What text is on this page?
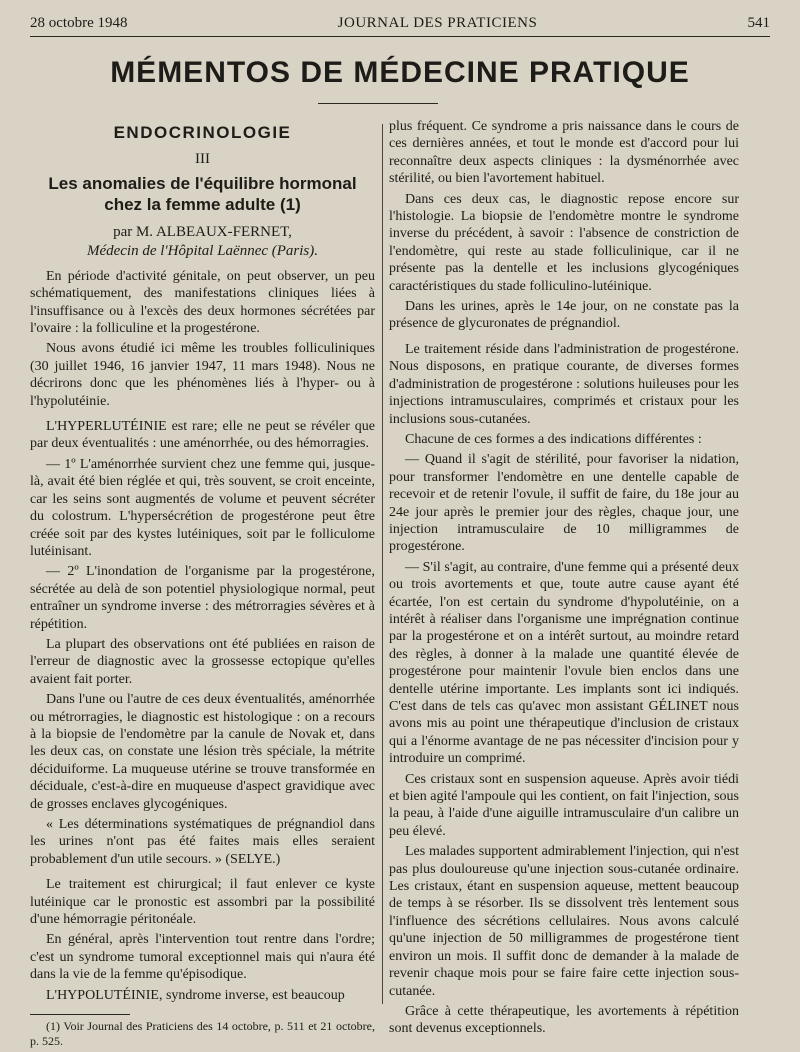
28 octobre 1948	JOURNAL DES PRATICIENS	541
MÉMENTOS DE MÉDECINE PRATIQUE
ENDOCRINOLOGIE
III
Les anomalies de l'équilibre hormonal
chez la femme adulte (1)
par M. ALBEAUX-FERNET,
Médecin de l'Hôpital Laënnec (Paris).

En période d'activité génitale, on peut observer, un peu schématiquement, des manifestations cliniques liées à l'insuffisance ou à l'excès des deux hormones sécrétées par l'ovaire : la folliculine et la progestérone.

Nous avons étudié ici même les troubles folliculiniques (30 juillet 1946, 16 janvier 1947, 11 mars 1948). Nous ne décrirons donc que les phénomènes liés à l'hyper- ou à l'hypolutéinie.

L'HYPERLUTÉINIE est rare; elle ne peut se révéler que par deux éventualités : une aménorrhée, ou des hémorragies.

— 1º L'aménorrhée survient chez une femme qui, jusque-là, avait été bien réglée et qui, très souvent, se croit enceinte, car les seins sont augmentés de volume et peuvent sécréter du colostrum. L'hypersécrétion de progestérone peut être créée soit par des kystes lutéiniques, soit par le folliculome lutéinisant.

— 2º L'inondation de l'organisme par la progestérone, sécrétée au delà de son potentiel physiologique normal, peut entraîner un syndrome inverse : des métrorragies sévères et à répétition.

La plupart des observations ont été publiées en raison de l'erreur de diagnostic avec la grossesse ectopique qu'elles avaient fait porter.

Dans l'une ou l'autre de ces deux éventualités, aménorrhée ou métrorragies, le diagnostic est histologique : on a recours à la biopsie de l'endomètre par la canule de Novak et, dans les deux cas, on constate une lésion très spéciale, la métrite déciduiforme. La muqueuse utérine se trouve transformée en déciduale, c'est-à-dire en muqueuse d'aspect gravidique avec de grosses enclaves glycogéniques.

« Les déterminations systématiques de prégnandiol dans les urines n'ont pas été faites mais elles seraient probablement d'un utile secours. » (SELYE.)

Le traitement est chirurgical; il faut enlever ce kyste lutéinique car le pronostic est assombri par la possibilité d'une hémorragie péritonéale.

En général, après l'intervention tout rentre dans l'ordre; c'est un syndrome tumoral exceptionnel mais qui n'aura été dans la vie de la femme qu'épisodique.

L'HYPOLUTÉINIE, syndrome inverse, est beaucoup

(1) Voir Journal des Praticiens des 14 octobre, p. 511 et 21 octobre, p. 525.

plus fréquent. Ce syndrome a pris naissance dans le cours de ces dernières années, et tout le monde est d'accord pour lui reconnaître deux aspects cliniques : la dysménorrhée avec stérilité, ou bien l'avortement habituel.

Dans ces deux cas, le diagnostic repose encore sur l'histologie. La biopsie de l'endomètre montre le syndrome inverse du précédent, à savoir : l'absence de constriction de l'endomètre, qui reste au stade folliculinique, car il ne présente pas la dentelle et les inclusions glycogéniques caractéristiques du stade folliculino-lutéinique.

Dans les urines, après le 14e jour, on ne constate pas la présence de glycuronates de prégnandiol.

Le traitement réside dans l'administration de progestérone. Nous disposons, en pratique courante, de diverses formes d'administration de progestérone : solutions huileuses pour les injections intramusculaires, comprimés et cristaux pour les inclusions sous-cutanées.

Chacune de ces formes a des indications différentes :

— Quand il s'agit de stérilité, pour favoriser la nidation, pour transformer l'endomètre en une dentelle capable de recevoir et de retenir l'ovule, il suffit de faire, du 18e jour au 24e jour après le premier jour des règles, chaque jour, une injection intramusculaire de 10 milligrammes de progestérone.

— S'il s'agit, au contraire, d'une femme qui a présenté deux ou trois avortements et que, toute autre cause ayant été écartée, l'on est certain du syndrome d'hypolutéinie, on a intérêt à réaliser dans l'organisme une imprégnation continue par la progestérone et on a intérêt surtout, au moindre retard des règles, à donner à la malade une quantité élevée de progestérone pour maintenir l'ovule bien enclos dans une dentelle utérine importante. Les implants sont ici indiqués. C'est dans de tels cas qu'avec mon assistant GÉLINET nous avons mis au point une thérapeutique d'inclusion de cristaux qui a l'énorme avantage de ne pas nécessiter d'incision pour y introduire un comprimé.

Ces cristaux sont en suspension aqueuse. Après avoir tiédi et bien agité l'ampoule qui les contient, on fait l'injection, sous la peau, à l'aide d'une aiguille intramusculaire d'un calibre un peu élevé.

Les malades supportent admirablement l'injection, qui n'est pas plus douloureuse qu'une injection sous-cutanée ordinaire. Les cristaux, étant en suspension aqueuse, mettent beaucoup de temps à se résorber. Ils se dissolvent très lentement sous l'influence des sécrétions cellulaires. Nous avons calculé qu'une injection de 50 milligrammes de progestérone tient environ un mois. Il suffit donc de demander à la malade de revenir chaque mois pour se faire faire cette injection sous-cutanée.

Grâce à cette thérapeutique, les avortements à répétition sont devenus exceptionnels.
